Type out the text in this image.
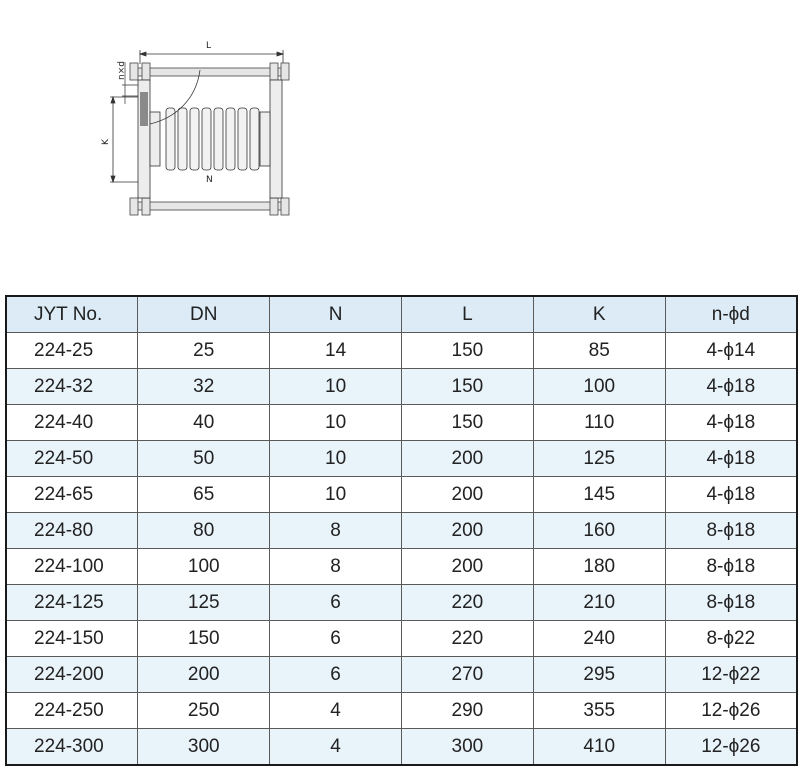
L
K
n×d
N
JYT No.	DN	N	L	K	n-ϕd
224-25	25	14	150	85	4-ϕ14
224-32	32	10	150	100	4-ϕ18
224-40	40	10	150	110	4-ϕ18
224-50	50	10	200	125	4-ϕ18
224-65	65	10	200	145	4-ϕ18
224-80	80	8	200	160	8-ϕ18
224-100	100	8	200	180	8-ϕ18
224-125	125	6	220	210	8-ϕ18
224-150	150	6	220	240	8-ϕ22
224-200	200	6	270	295	12-ϕ22
224-250	250	4	290	355	12-ϕ26
224-300	300	4	300	410	12-ϕ26
